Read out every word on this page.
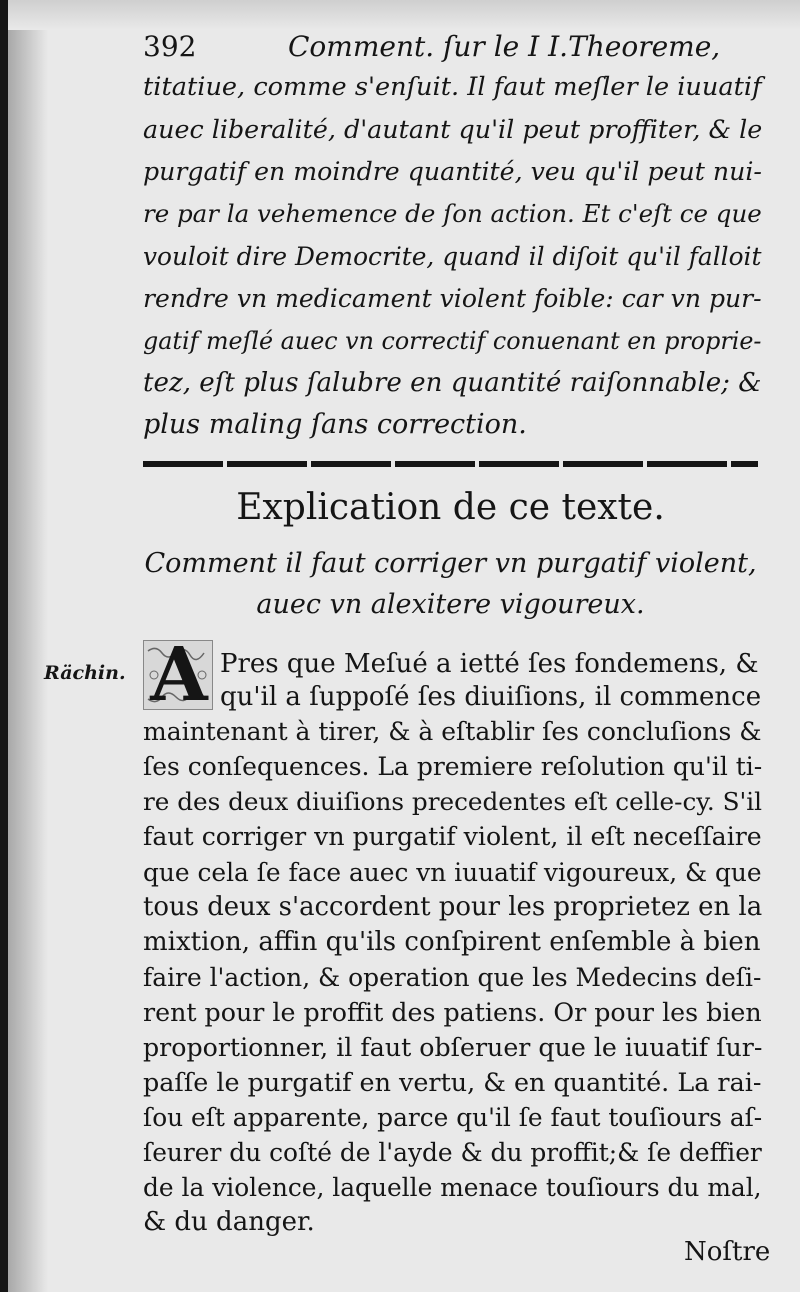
392	Comment. ſur le I I.Theoreme,
titatiue, comme s'enſuit. Il faut meſler le iuuatif
auec liberalité, d'autant qu'il peut proffiter, & le
purgatif en moindre quantité, veu qu'il peut nui-
re par la vehemence de ſon action. Et c'eſt ce que
vouloit dire Democrite, quand il diſoit qu'il falloit
rendre vn medicament violent foible: car vn pur-
gatif meſlé auec vn correctif conuenant en proprie-
tez, eſt plus ſalubre en quantité raiſonnable; &
plus maling ſans correction.
Explication de ce texte.
Comment il faut corriger vn purgatif violent,
auec vn alexitere vigoureux.
Rächin. A Pres que Meſué a ietté ſes fondemens, &
qu'il a ſuppoſé ſes diuiſions, il commence
maintenant à tirer, & à eſtablir ſes concluſions &
ſes conſequences. La premiere reſolution qu'il ti-
re des deux diuiſions precedentes eſt celle-cy. S'il
faut corriger vn purgatif violent, il eſt neceſſaire
que cela ſe face auec vn iuuatif vigoureux, & que
tous deux s'accordent pour les proprietez en la
mixtion, affin qu'ils conſpirent enſemble à bien
faire l'action, & operation que les Medecins deſi-
rent pour le proffit des patiens. Or pour les bien
proportionner, il faut obſeruer que le iuuatif ſur-
paſſe le purgatif en vertu, & en quantité. La rai-
ſou eſt apparente, parce qu'il ſe faut touſiours aſ-
ſeurer du coſté de l'ayde & du proffit;& ſe deffier
de la violence, laquelle menace touſiours du mal,
& du danger.
Noſtre
